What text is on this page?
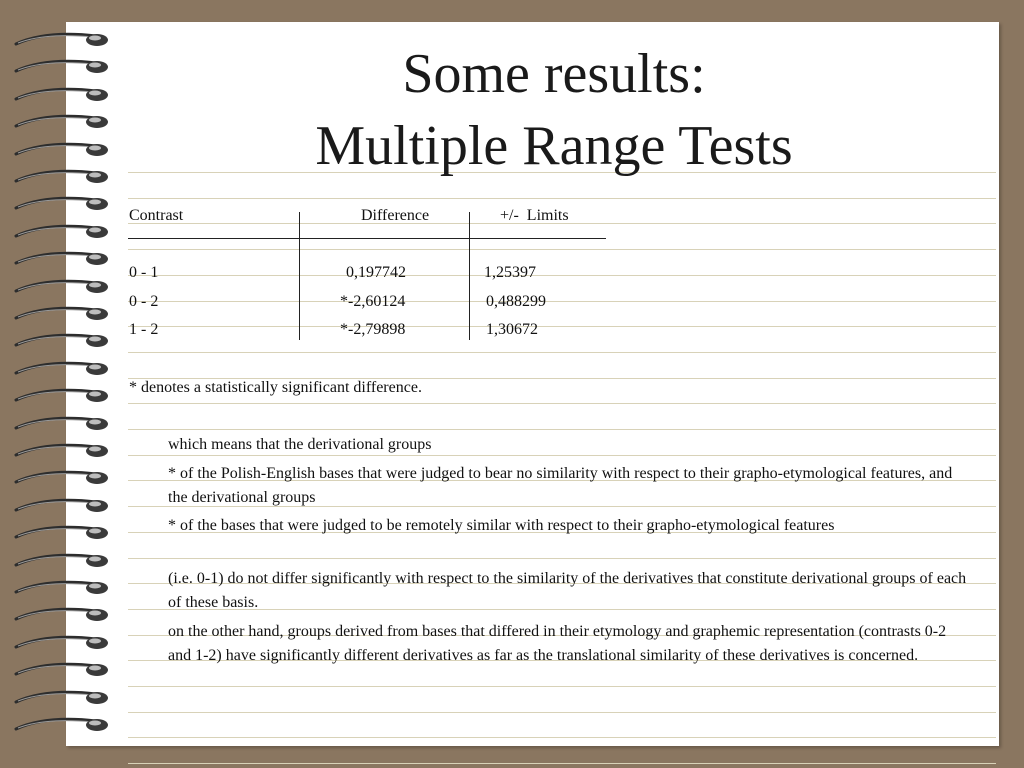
Some results:
Multiple Range Tests
Contrast	Difference	+/-  Limits
0 - 1	0,197742	1,25397
0 - 2	*-2,60124	0,488299
1 - 2	*-2,79898	1,30672
* denotes a statistically significant difference.
which means that the derivational groups
* of the Polish-English bases that were judged to bear no similarity with respect to their grapho-etymological features, and the derivational groups
* of the bases that were judged to be remotely similar with respect to their grapho-etymological features
(i.e. 0-1) do not differ significantly with respect to the similarity of the derivatives that constitute derivational groups of each of these basis.
on the other hand, groups derived from bases that differed in their etymology and graphemic representation (contrasts 0-2 and 1-2) have significantly different derivatives as far as the translational similarity of these derivatives is concerned.
